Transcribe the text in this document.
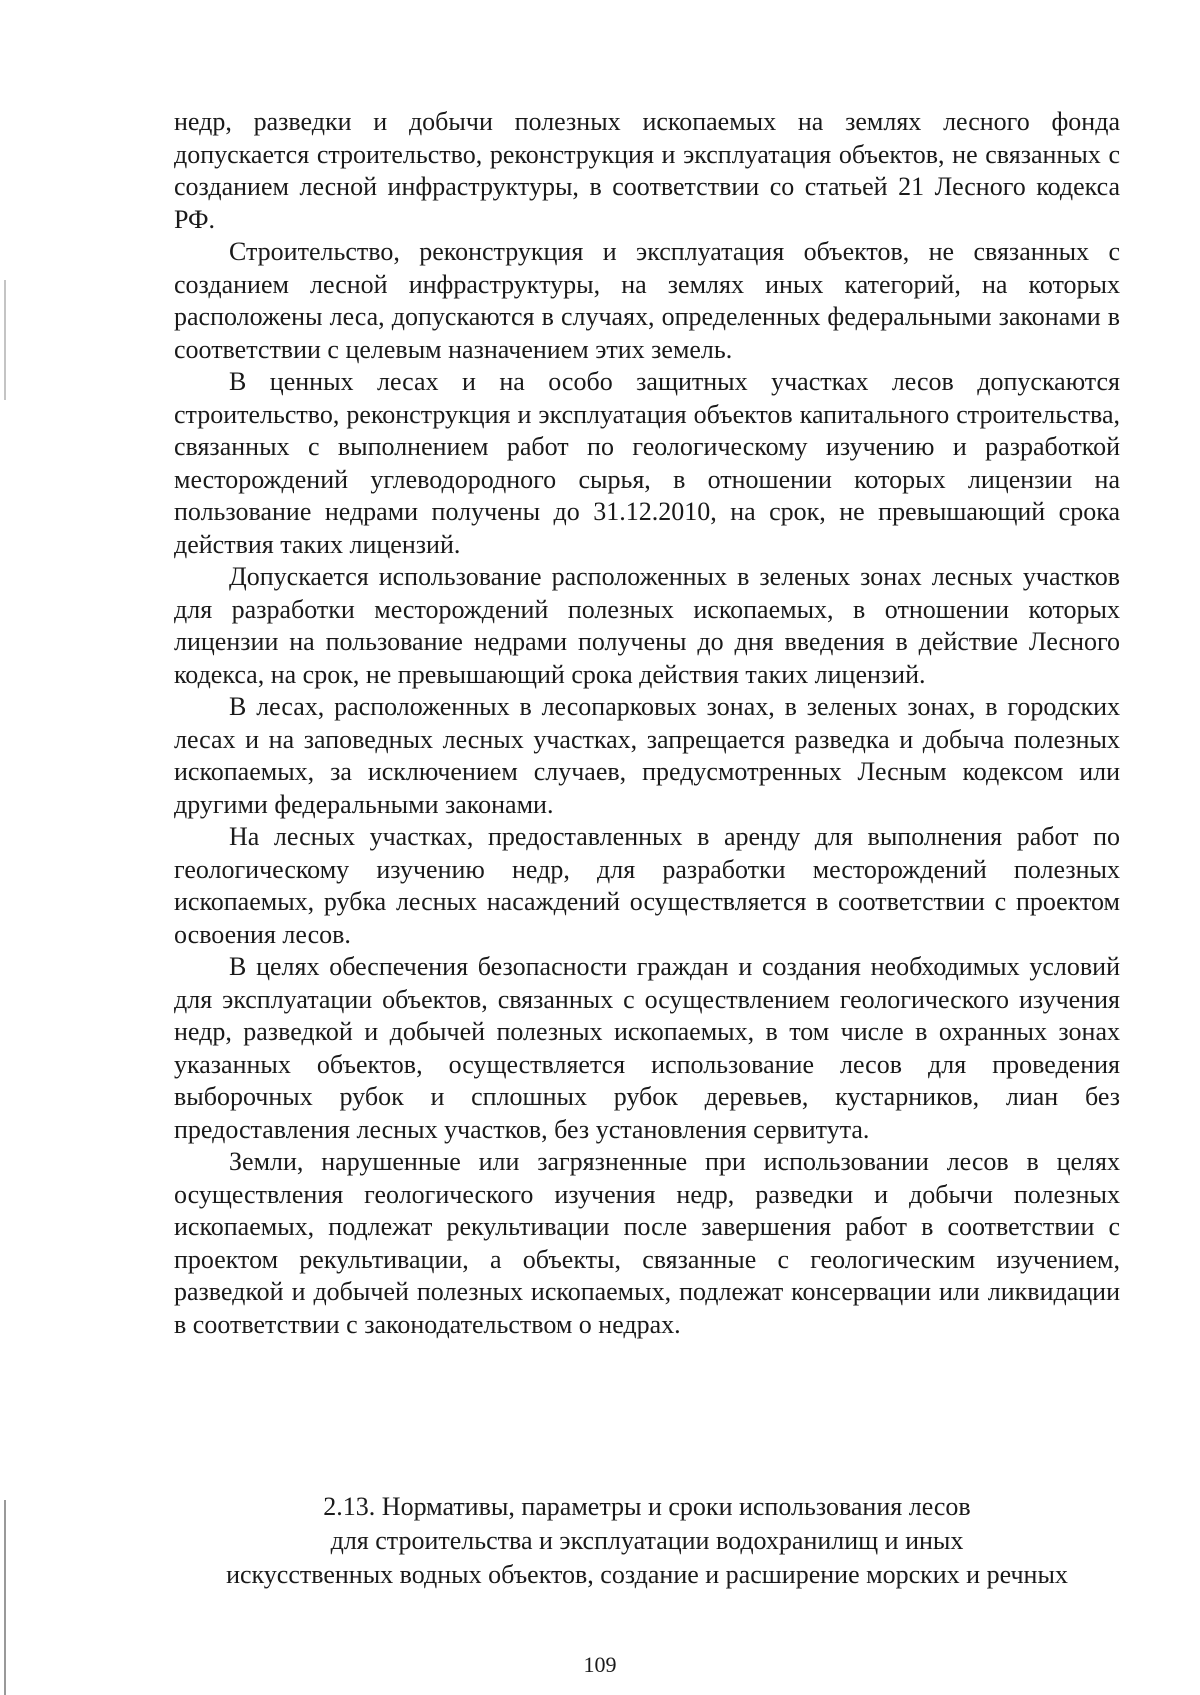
недр, разведки и добычи полезных ископаемых на землях лесного фонда допускается строительство, реконструкция и эксплуатация объектов, не связанных с созданием лесной инфраструктуры, в соответствии со статьей 21 Лесного кодекса РФ.

Строительство, реконструкция и эксплуатация объектов, не связанных с созданием лесной инфраструктуры, на землях иных категорий, на которых расположены леса, допускаются в случаях, определенных федеральными законами в соответствии с целевым назначением этих земель.

В ценных лесах и на особо защитных участках лесов допускаются строительство, реконструкция и эксплуатация объектов капитального строительства, связанных с выполнением работ по геологическому изучению и разработкой месторождений углеводородного сырья, в отношении которых лицензии на пользование недрами получены до 31.12.2010, на срок, не превышающий срока действия таких лицензий.

Допускается использование расположенных в зеленых зонах лесных участков для разработки месторождений полезных ископаемых, в отношении которых лицензии на пользование недрами получены до дня введения в действие Лесного кодекса, на срок, не превышающий срока действия таких лицензий.

В лесах, расположенных в лесопарковых зонах, в зеленых зонах, в городских лесах и на заповедных лесных участках, запрещается разведка и добыча полезных ископаемых, за исключением случаев, предусмотренных Лесным кодексом или другими федеральными законами.

На лесных участках, предоставленных в аренду для выполнения работ по геологическому изучению недр, для разработки месторождений полезных ископаемых, рубка лесных насаждений осуществляется в соответствии с проектом освоения лесов.

В целях обеспечения безопасности граждан и создания необходимых условий для эксплуатации объектов, связанных с осуществлением геологического изучения недр, разведкой и добычей полезных ископаемых, в том числе в охранных зонах указанных объектов, осуществляется использование лесов для проведения выборочных рубок и сплошных рубок деревьев, кустарников, лиан без предоставления лесных участков, без установления сервитута.

Земли, нарушенные или загрязненные при использовании лесов в целях осуществления геологического изучения недр, разведки и добычи полезных ископаемых, подлежат рекультивации после завершения работ в соответствии с проектом рекультивации, а объекты, связанные с геологическим изучением, разведкой и добычей полезных ископаемых, подлежат консервации или ликвидации в соответствии с законодательством о недрах.

2.13. Нормативы, параметры и сроки использования лесов
для строительства и эксплуатации водохранилищ и иных
искусственных водных объектов, создание и расширение морских и речных

109
